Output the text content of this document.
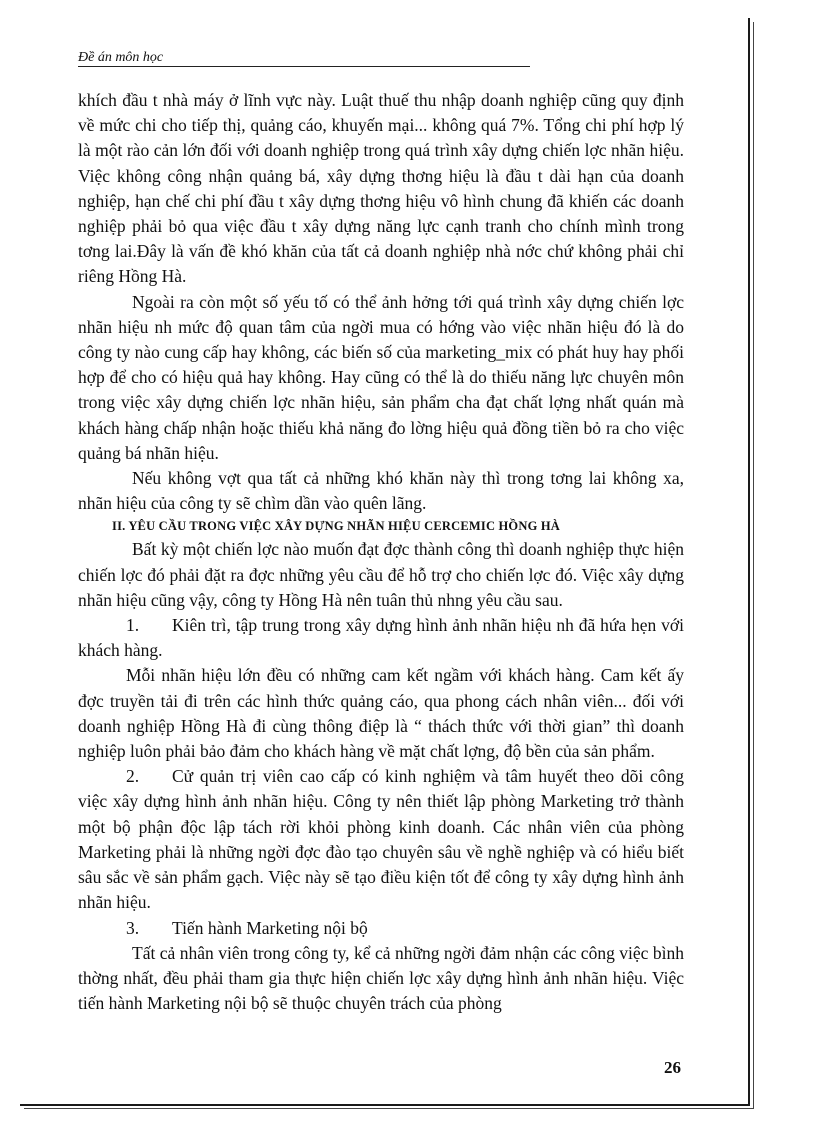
Đề án môn học

khích đầu t nhà máy ở lĩnh vực này. Luật thuế thu nhập doanh nghiệp cũng quy định về mức chi cho tiếp thị, quảng cáo, khuyến mại... không quá 7%. Tổng chi phí hợp lý là một rào cản lớn đối với doanh nghiệp trong quá trình xây dựng chiến lợc nhãn hiệu. Việc không công nhận quảng bá, xây dựng thơng hiệu là đầu t dài hạn của doanh nghiệp, hạn chế chi phí đầu t xây dựng thơng hiệu vô hình chung đã khiến các doanh nghiệp phải bỏ qua việc đầu t xây dựng năng lực cạnh tranh cho chính mình trong tơng lai.Đây là vấn đề khó khăn của tất cả doanh nghiệp nhà nớc chứ không phải chỉ riêng Hồng Hà.

Ngoài ra còn một số yếu tố có thể ảnh hởng tới quá trình xây dựng chiến lợc nhãn hiệu nh mức độ quan tâm của ngời mua có hớng vào việc nhãn hiệu đó là do công ty nào cung cấp hay không, các biến số của marketing_mix có phát huy hay phối hợp để cho có hiệu quả hay không. Hay cũng có thể là do thiếu năng lực chuyên môn trong việc xây dựng chiến lợc nhãn hiệu, sản phẩm cha đạt chất lợng nhất quán mà khách hàng chấp nhận hoặc thiếu khả năng đo lờng hiệu quả đồng tiền bỏ ra cho việc quảng bá nhãn hiệu.

Nếu không vợt qua tất cả những khó khăn này thì trong tơng lai không xa, nhãn hiệu của công ty sẽ chìm dần vào quên lãng.

II. YÊU CẦU TRONG VIỆC XÂY DỰNG NHÃN HIỆU CERCEMIC HỒNG HÀ

Bất kỳ một chiến lợc nào muốn đạt đợc thành công thì doanh nghiệp thực hiện chiến lợc đó phải đặt ra đợc những yêu cầu để hỗ trợ cho chiến lợc đó. Việc xây dựng nhãn hiệu cũng vậy, công ty Hồng Hà nên tuân thủ nhng yêu cầu sau.

1. Kiên trì, tập trung trong xây dựng hình ảnh nhãn hiệu nh đã hứa hẹn với khách hàng.

Mỗi nhãn hiệu lớn đều có những cam kết ngầm với khách hàng. Cam kết ấy đợc truyền tải đi trên các hình thức quảng cáo, qua phong cách nhân viên... đối với doanh nghiệp Hồng Hà đi cùng thông điệp là “ thách thức với thời gian” thì doanh nghiệp luôn phải bảo đảm cho khách hàng về mặt chất lợng, độ bền của sản phẩm.

2. Cử quản trị viên cao cấp có kinh nghiệm và tâm huyết theo dõi công việc xây dựng hình ảnh nhãn hiệu. Công ty nên thiết lập phòng Marketing trở thành một bộ phận độc lập tách rời khỏi phòng kinh doanh. Các nhân viên của phòng Marketing phải là những ngời đợc đào tạo chuyên sâu về nghề nghiệp và có hiểu biết sâu sắc về sản phẩm gạch. Việc này sẽ tạo điều kiện tốt để công ty xây dựng hình ảnh nhãn hiệu.

3. Tiến hành Marketing nội bộ

Tất cả nhân viên trong công ty, kể cả những ngời đảm nhận các công việc bình thờng nhất, đều phải tham gia thực hiện chiến lợc xây dựng hình ảnh nhãn hiệu. Việc tiến hành Marketing nội bộ sẽ thuộc chuyên trách của phòng

26
